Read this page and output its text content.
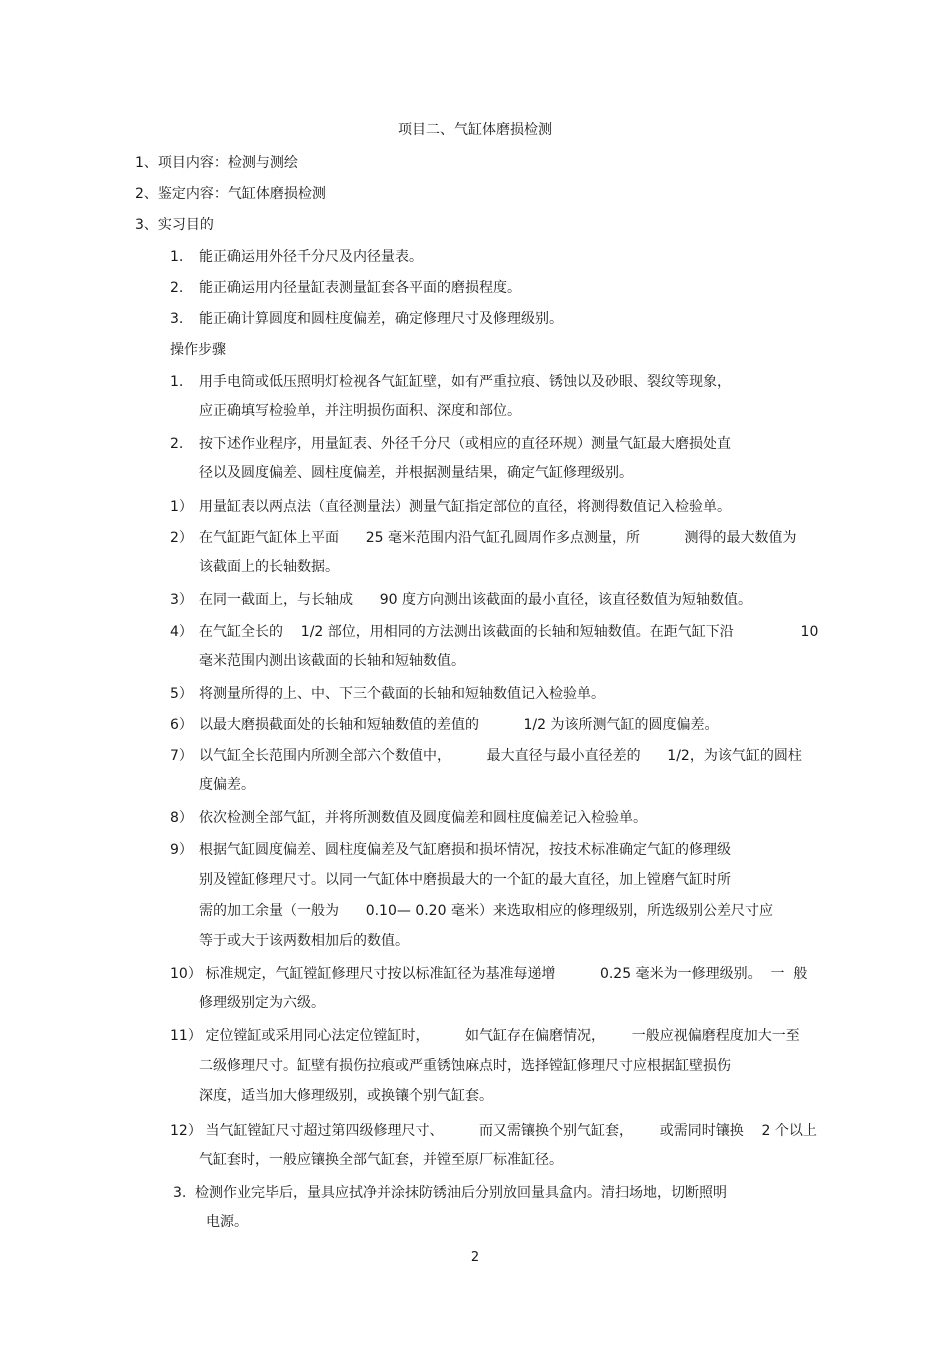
项目二、气缸体磨损检测
1、项目内容：检测与测绘
2、鉴定内容：气缸体磨损检测
3、实习目的
1. 能正确运用外径千分尺及内径量表。
2. 能正确运用内径量缸表测量缸套各平面的磨损程度。
3. 能正确计算圆度和圆柱度偏差，确定修理尺寸及修理级别。
操作步骤
1. 用手电筒或低压照明灯检视各气缸缸壁，如有严重拉痕、锈蚀以及砂眼、裂纹等现象，
应正确填写检验单，并注明损伤面积、深度和部位。
2. 按下述作业程序，用量缸表、外径千分尺（或相应的直径环规）测量气缸最大磨损处直
径以及圆度偏差、圆柱度偏差，并根据测量结果，确定气缸修理级别。
1） 用量缸表以两点法（直径测量法）测量气缸指定部位的直径，将测得数值记入检验单。
2） 在气缸距气缸体上平面      25 毫米范围内沿气缸孔圆周作多点测量，所          测得的最大数值为
该截面上的长轴数据。
3） 在同一截面上，与长轴成      90 度方向测出该截面的最小直径，该直径数值为短轴数值。
4） 在气缸全长的    1/2 部位，用相同的方法测出该截面的长轴和短轴数值。在距气缸下沿               10
毫米范围内测出该截面的长轴和短轴数值。
5） 将测量所得的上、中、下三个截面的长轴和短轴数值记入检验单。
6） 以最大磨损截面处的长轴和短轴数值的差值的          1/2 为该所测气缸的圆度偏差。
7） 以气缸全长范围内所测全部六个数值中，        最大直径与最小直径差的      1/2，为该气缸的圆柱
度偏差。
8） 依次检测全部气缸，并将所测数值及圆度偏差和圆柱度偏差记入检验单。
9） 根据气缸圆度偏差、圆柱度偏差及气缸磨损和损坏情况，按技术标准确定气缸的修理级
别及镗缸修理尺寸。以同一气缸体中磨损最大的一个缸的最大直径，加上镗磨气缸时所
需的加工余量（一般为      0.10— 0.20 毫米）来选取相应的修理级别，所选级别公差尺寸应
等于或大于该两数相加后的数值。
10） 标准规定，气缸镗缸修理尺寸按以标准缸径为基准每递增          0.25 毫米为一修理级别。  一  般
修理级别定为六级。
11） 定位镗缸或采用同心法定位镗缸时，        如气缸存在偏磨情况，      一般应视偏磨程度加大一至
二级修理尺寸。缸壁有损伤拉痕或严重锈蚀麻点时，选择镗缸修理尺寸应根据缸壁损伤
深度，适当加大修理级别，或换镶个别气缸套。
12） 当气缸镗缸尺寸超过第四级修理尺寸、        而又需镶换个别气缸套，      或需同时镶换    2 个以上
气缸套时，一般应镶换全部气缸套，并镗至原厂标准缸径。
3. 检测作业完毕后，量具应拭净并涂抹防锈油后分别放回量具盒内。清扫场地，切断照明
电源。
2
